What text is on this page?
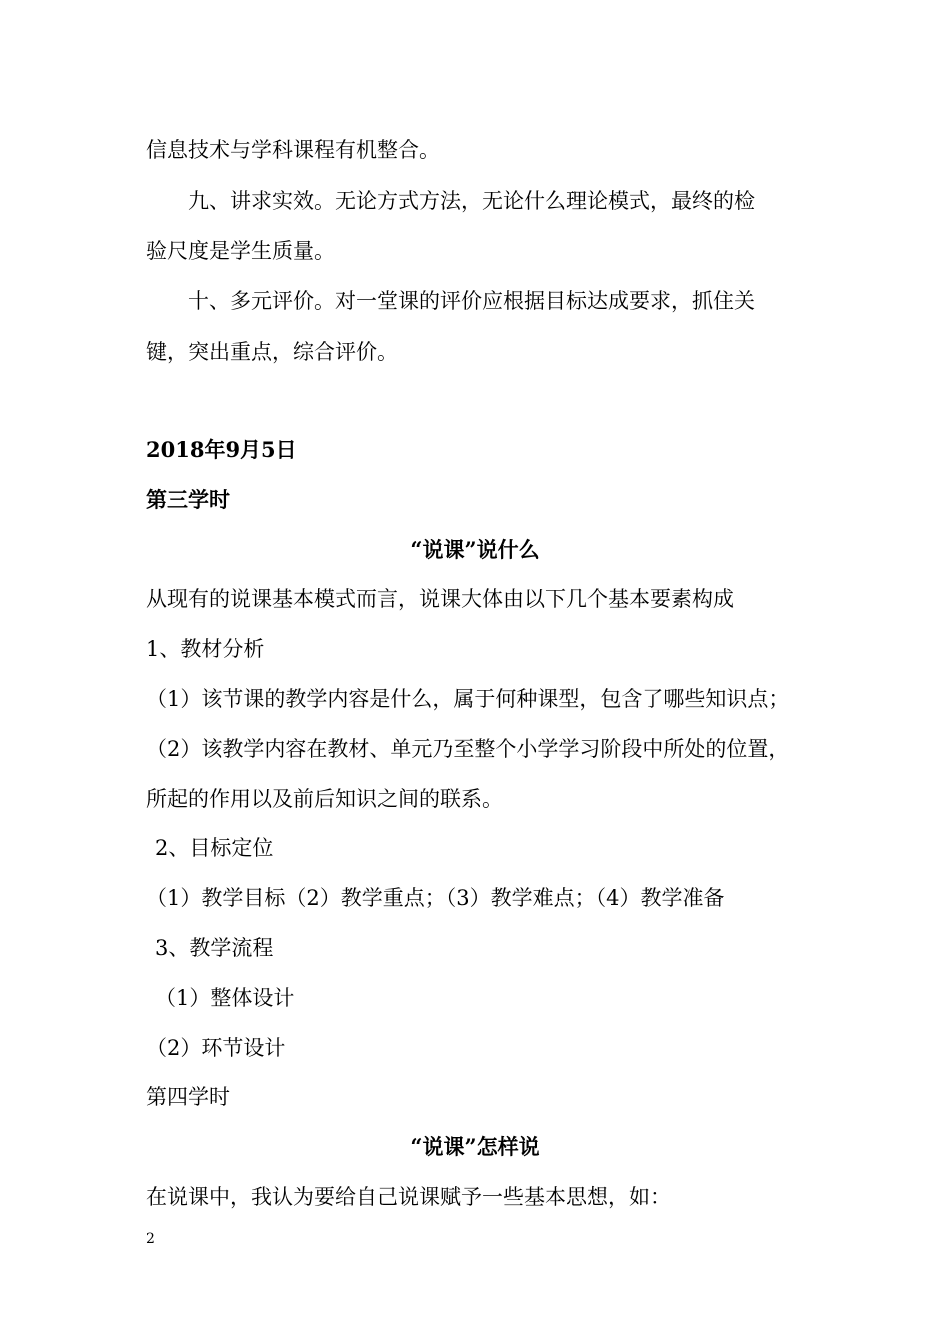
信息技术与学科课程有机整合。
九、讲求实效。无论方式方法，无论什么理论模式，最终的检
验尺度是学生质量。
十、多元评价。对一堂课的评价应根据目标达成要求，抓住关
键，突出重点，综合评价。
2018年9月5日
第三学时
“说课”说什么
从现有的说课基本模式而言，说课大体由以下几个基本要素构成
1、教材分析
（1）该节课的教学内容是什么，属于何种课型，包含了哪些知识点；
（2）该教学内容在教材、单元乃至整个小学学习阶段中所处的位置，
所起的作用以及前后知识之间的联系。
2、目标定位
（1）教学目标（2）教学重点；（3）教学难点；（4）教学准备
3、教学流程
（1）整体设计
（2）环节设计
第四学时
“说课”怎样说
在说课中，我认为要给自己说课赋予一些基本思想，如：
2
